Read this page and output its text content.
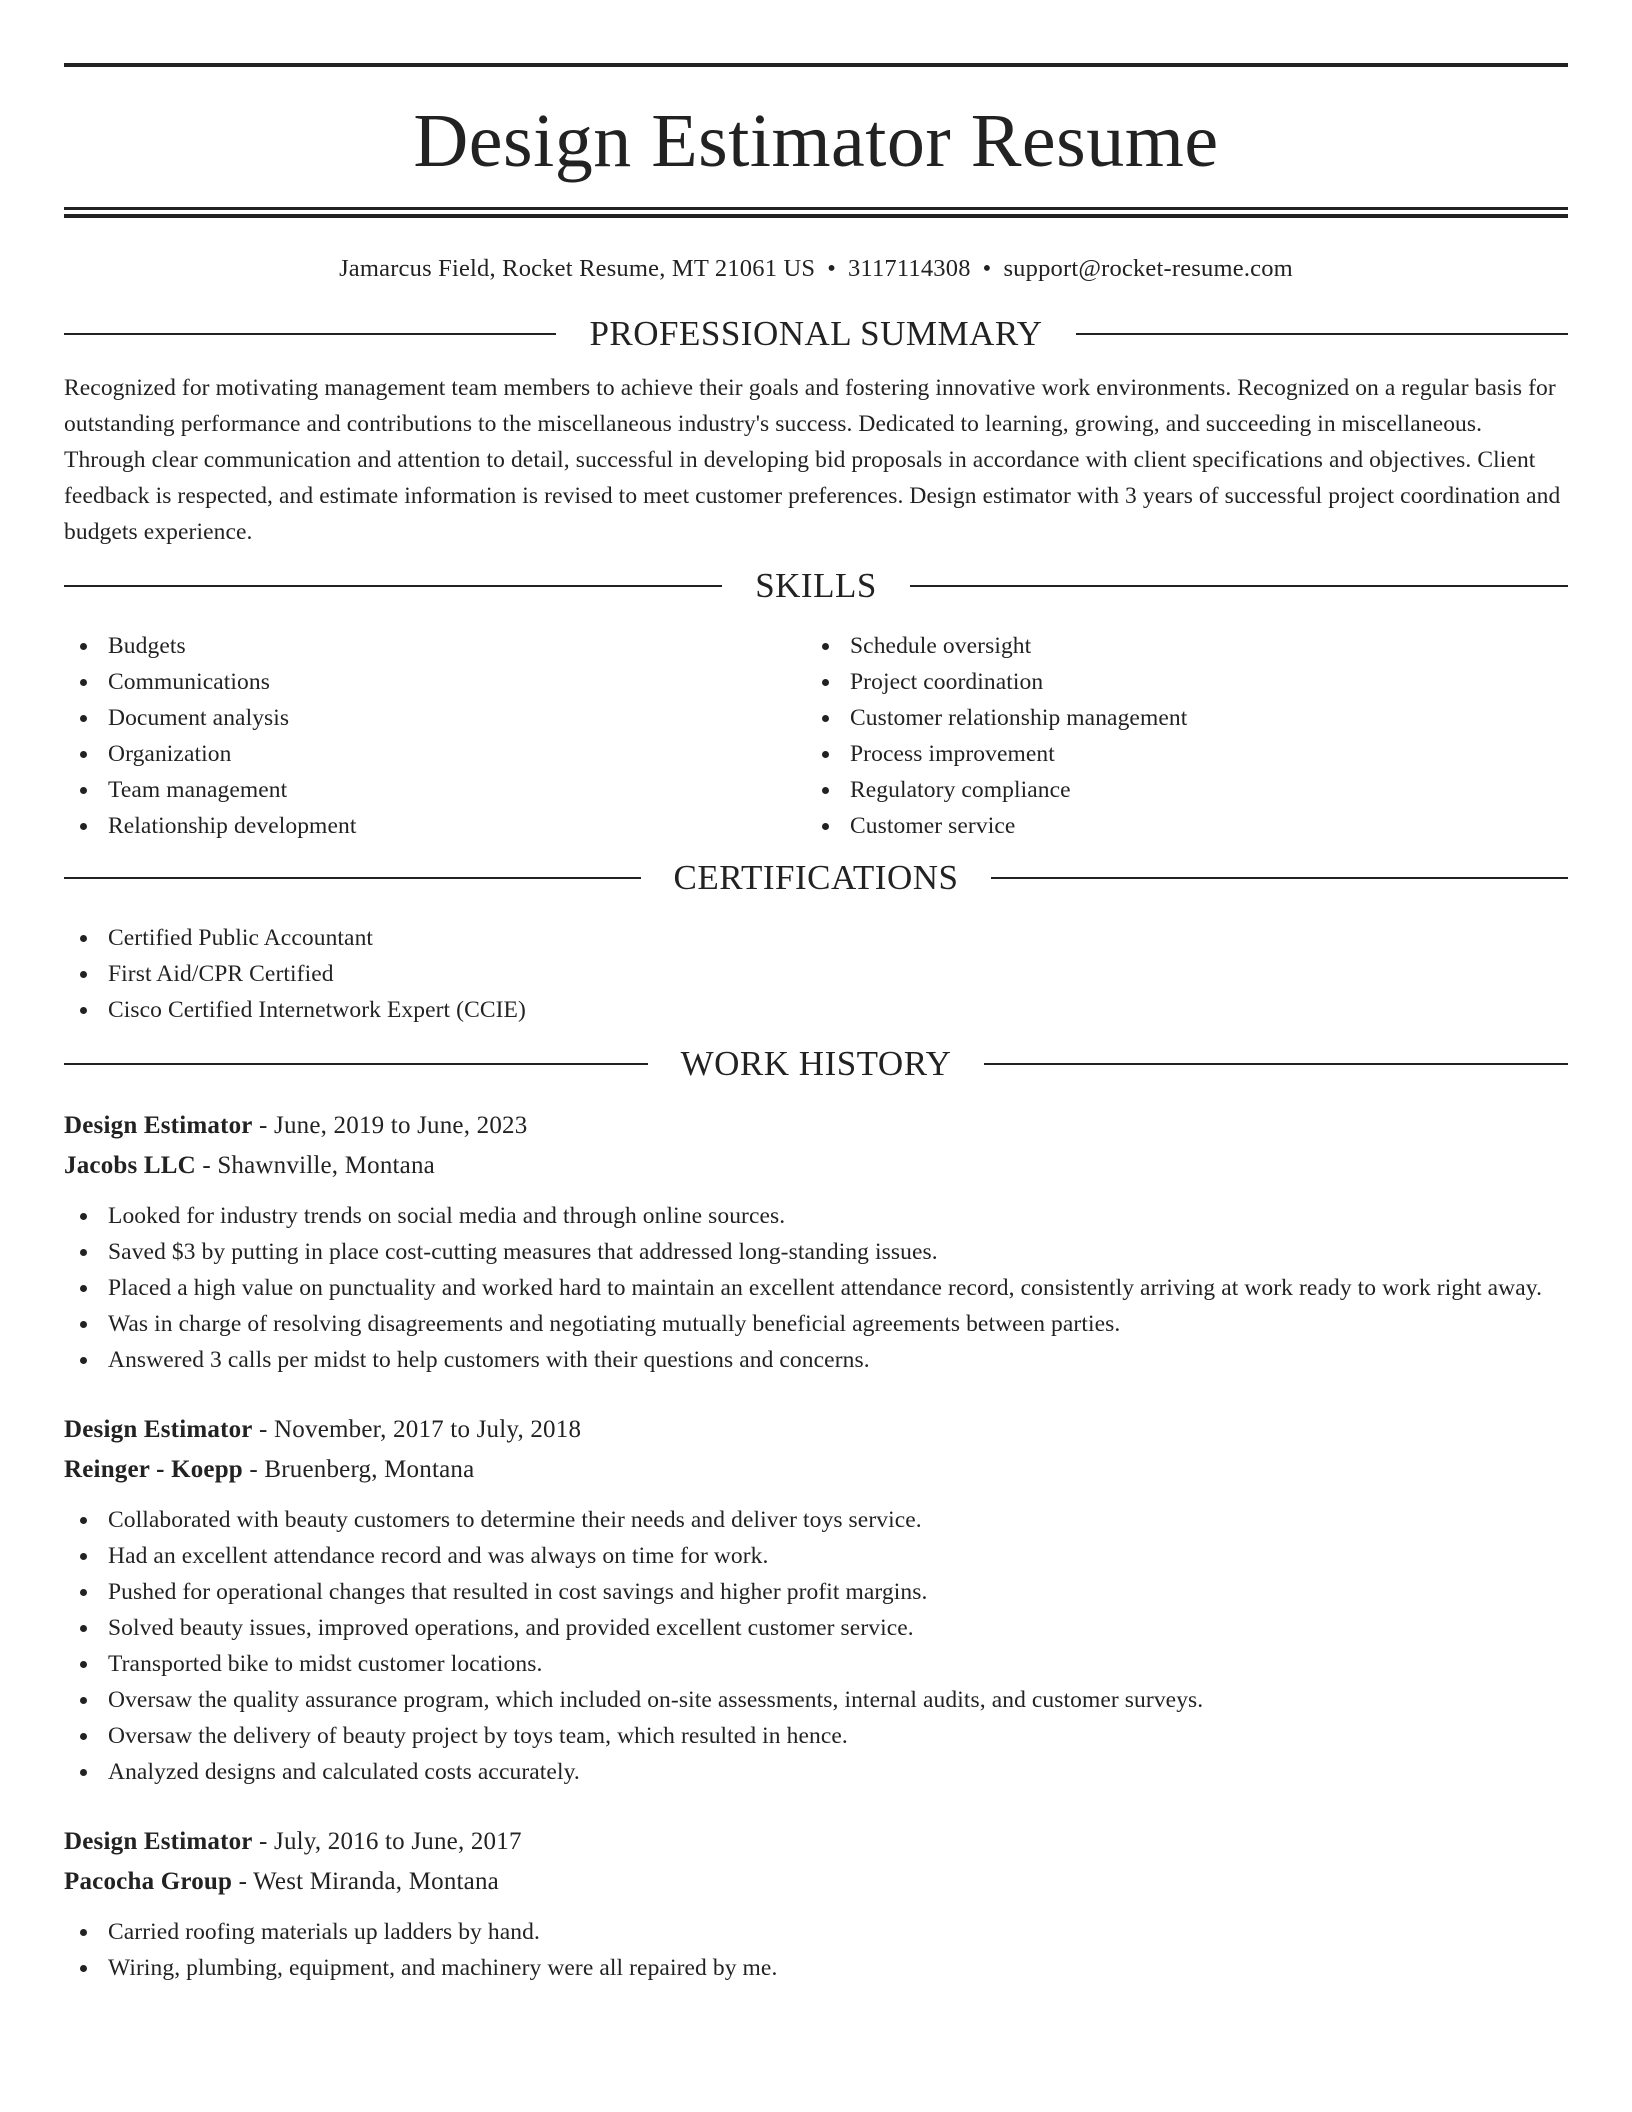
Design Estimator Resume
Jamarcus Field, Rocket Resume, MT 21061 US • 3117114308 • support@rocket-resume.com
PROFESSIONAL SUMMARY

Recognized for motivating management team members to achieve their goals and fostering innovative work environments. Recognized on a regular basis for outstanding performance and contributions to the miscellaneous industry's success. Dedicated to learning, growing, and succeeding in miscellaneous. Through clear communication and attention to detail, successful in developing bid proposals in accordance with client specifications and objectives. Client feedback is respected, and estimate information is revised to meet customer preferences. Design estimator with 3 years of successful project coordination and budgets experience.

SKILLS
Budgets
Communications
Document analysis
Organization
Team management
Relationship development
Schedule oversight
Project coordination
Customer relationship management
Process improvement
Regulatory compliance
Customer service
CERTIFICATIONS
Certified Public Accountant
First Aid/CPR Certified
Cisco Certified Internetwork Expert (CCIE)
WORK HISTORY
Design Estimator - June, 2019 to June, 2023
Jacobs LLC - Shawnville, Montana
Looked for industry trends on social media and through online sources.
Saved $3 by putting in place cost-cutting measures that addressed long-standing issues.
Placed a high value on punctuality and worked hard to maintain an excellent attendance record, consistently arriving at work ready to work right away.
Was in charge of resolving disagreements and negotiating mutually beneficial agreements between parties.
Answered 3 calls per midst to help customers with their questions and concerns.
Design Estimator - November, 2017 to July, 2018
Reinger - Koepp - Bruenberg, Montana
Collaborated with beauty customers to determine their needs and deliver toys service.
Had an excellent attendance record and was always on time for work.
Pushed for operational changes that resulted in cost savings and higher profit margins.
Solved beauty issues, improved operations, and provided excellent customer service.
Transported bike to midst customer locations.
Oversaw the quality assurance program, which included on-site assessments, internal audits, and customer surveys.
Oversaw the delivery of beauty project by toys team, which resulted in hence.
Analyzed designs and calculated costs accurately.
Design Estimator - July, 2016 to June, 2017
Pacocha Group - West Miranda, Montana
Carried roofing materials up ladders by hand.
Wiring, plumbing, equipment, and machinery were all repaired by me.
